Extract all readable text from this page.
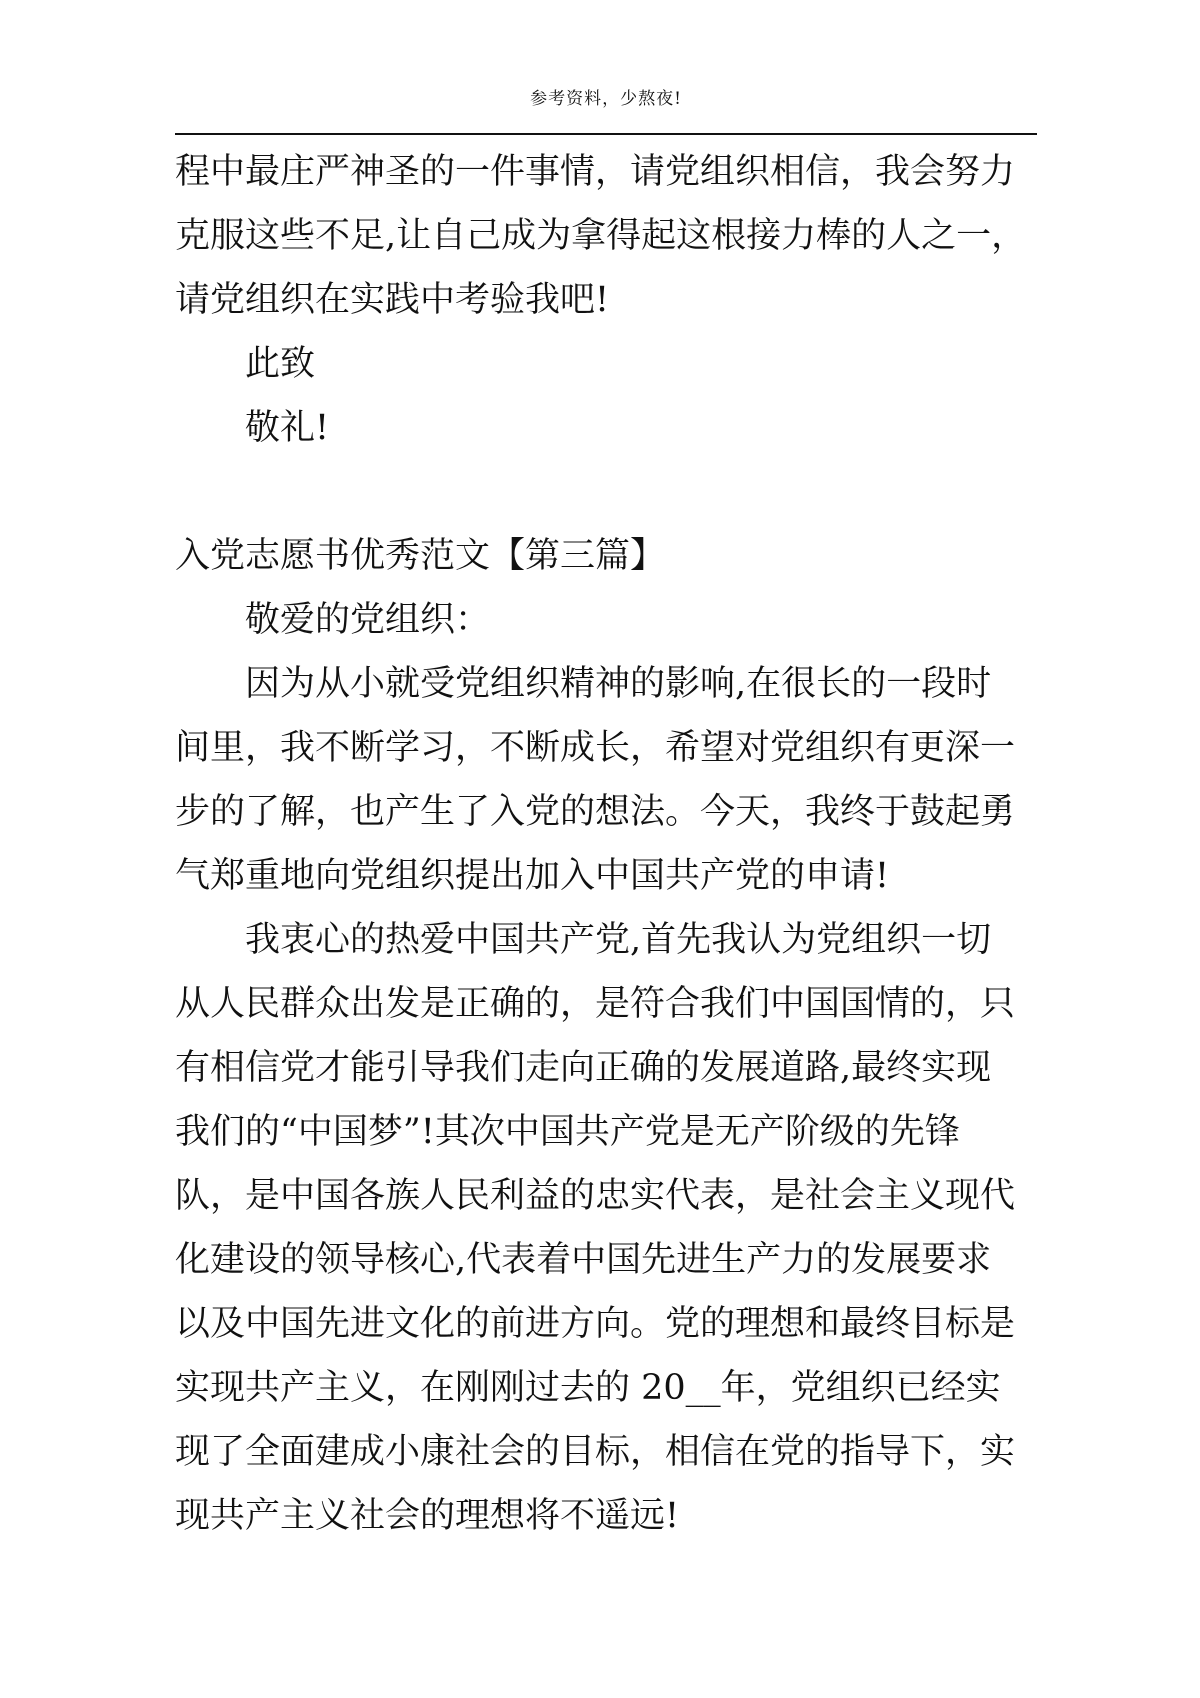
参考资料，少熬夜!
程中最庄严神圣的一件事情，请党组织相信，我会努力
克服这些不足,让自己成为拿得起这根接力棒的人之一，
请党组织在实践中考验我吧!
此致
敬礼!
入党志愿书优秀范文【第三篇】
敬爱的党组织：
因为从小就受党组织精神的影响,在很长的一段时
间里，我不断学习，不断成长，希望对党组织有更深一
步的了解，也产生了入党的想法。今天，我终于鼓起勇
气郑重地向党组织提出加入中国共产党的申请!
我衷心的热爱中国共产党,首先我认为党组织一切
从人民群众出发是正确的，是符合我们中国国情的，只
有相信党才能引导我们走向正确的发展道路,最终实现
我们的“中国梦”!其次中国共产党是无产阶级的先锋
队，是中国各族人民利益的忠实代表，是社会主义现代
化建设的领导核心,代表着中国先进生产力的发展要求
以及中国先进文化的前进方向。党的理想和最终目标是
实现共产主义，在刚刚过去的 20__年，党组织已经实
现了全面建成小康社会的目标，相信在党的指导下，实
现共产主义社会的理想将不遥远!
